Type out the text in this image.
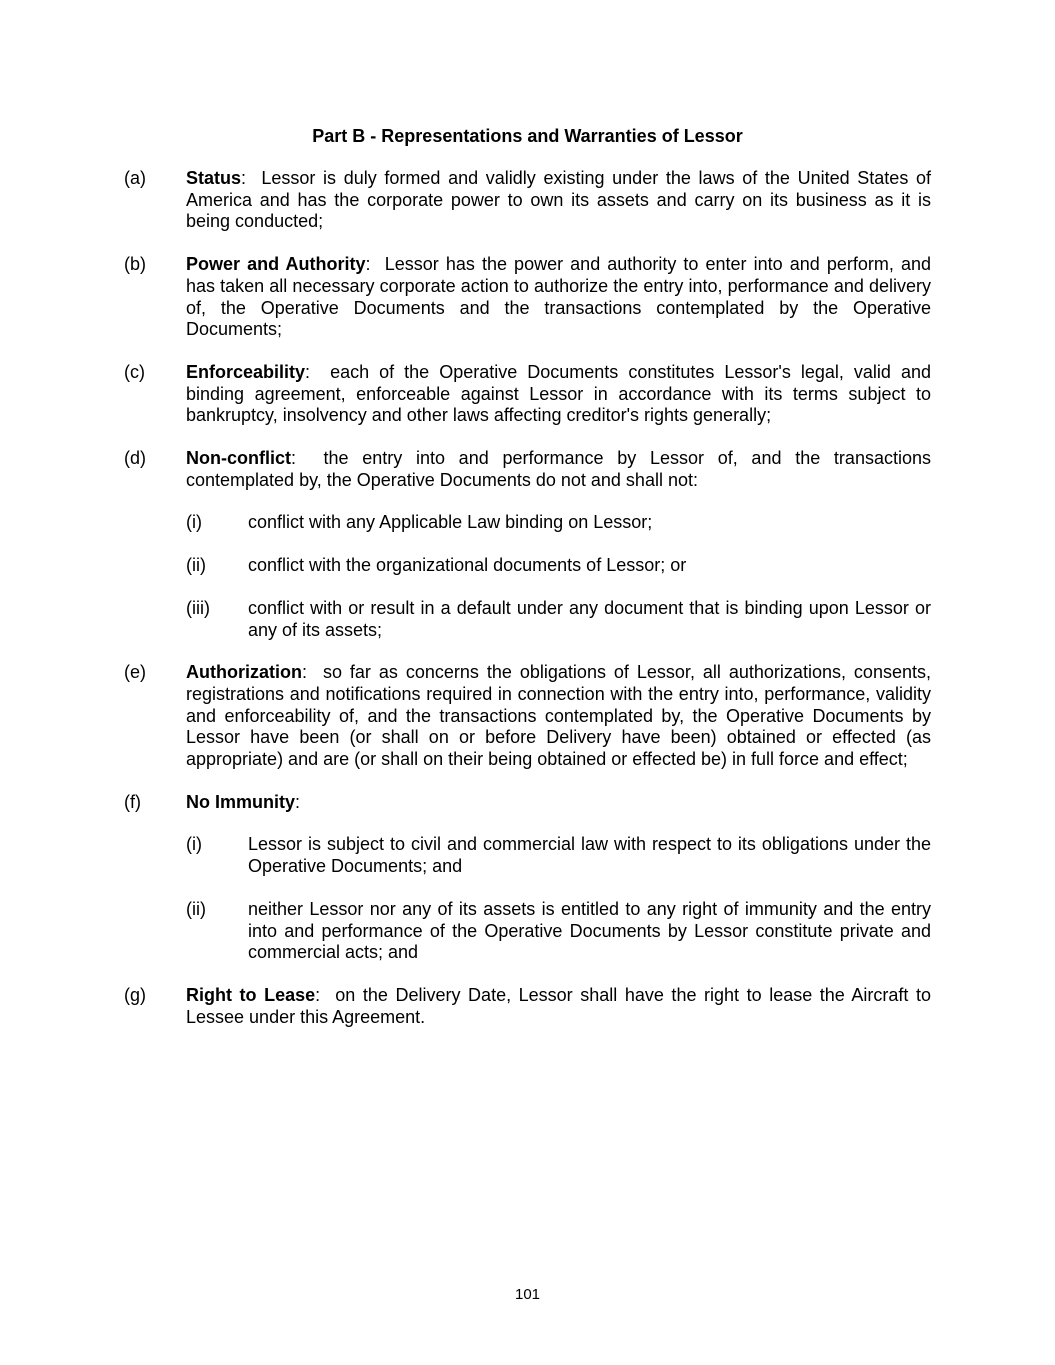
Part B - Representations and Warranties of Lessor
(a)	Status:  Lessor is duly formed and validly existing under the laws of the United States of America and has the corporate power to own its assets and carry on its business as it is being conducted;
(b)	Power and Authority:  Lessor has the power and authority to enter into and perform, and has taken all necessary corporate action to authorize the entry into, performance and delivery of, the Operative Documents and the transactions contemplated by the Operative Documents;
(c)	Enforceability:  each of the Operative Documents constitutes Lessor's legal, valid and binding agreement, enforceable against Lessor in accordance with its terms subject to bankruptcy, insolvency and other laws affecting creditor's rights generally;
(d)	Non-conflict:  the entry into and performance by Lessor of, and the transactions contemplated by, the Operative Documents do not and shall not:
(i)	conflict with any Applicable Law binding on Lessor;
(ii)	conflict with the organizational documents of Lessor; or
(iii)	conflict with or result in a default under any document that is binding upon Lessor or any of its assets;
(e)	Authorization:  so far as concerns the obligations of Lessor, all authorizations, consents, registrations and notifications required in connection with the entry into, performance, validity and enforceability of, and the transactions contemplated by, the Operative Documents by Lessor have been (or shall on or before Delivery have been) obtained or effected (as appropriate) and are (or shall on their being obtained or effected be) in full force and effect;
(f)	No Immunity:
(i)	Lessor is subject to civil and commercial law with respect to its obligations under the Operative Documents; and
(ii)	neither Lessor nor any of its assets is entitled to any right of immunity and the entry into and performance of the Operative Documents by Lessor constitute private and commercial acts; and
(g)	Right to Lease:  on the Delivery Date, Lessor shall have the right to lease the Aircraft to Lessee under this Agreement.
101
